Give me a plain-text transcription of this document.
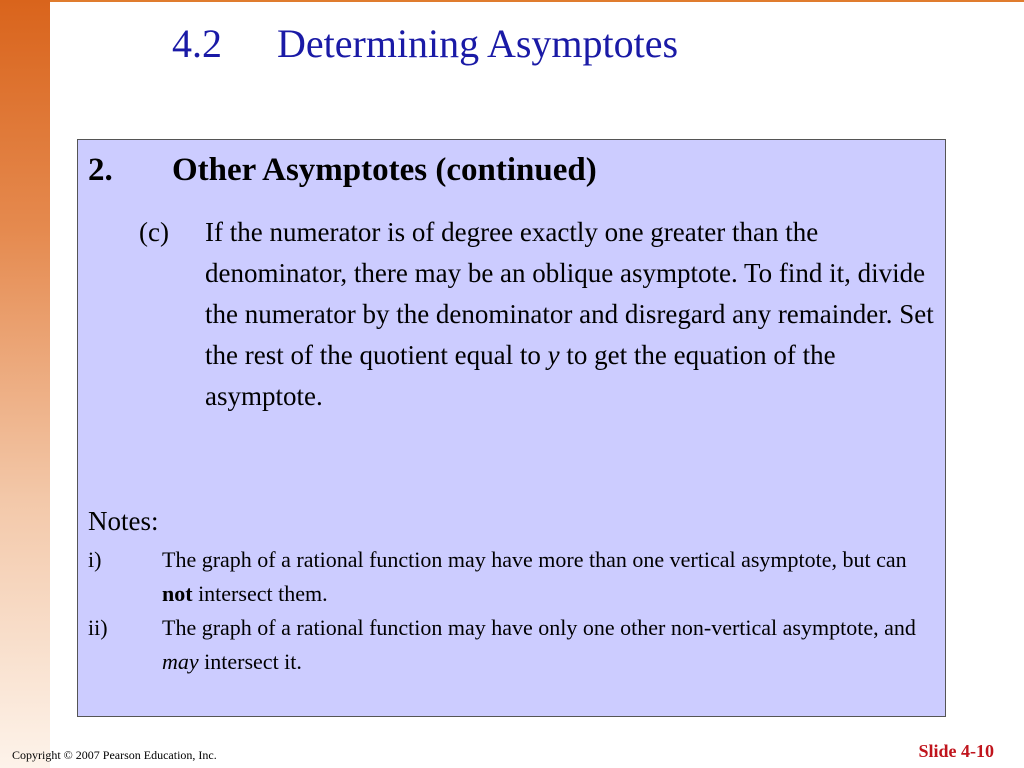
4.2 Determining Asymptotes
2. Other Asymptotes (continued)
(c) If the numerator is of degree exactly one greater than the denominator, there may be an oblique asymptote. To find it, divide the numerator by the denominator and disregard any remainder. Set the rest of the quotient equal to y to get the equation of the asymptote.
Notes:
i)	The graph of a rational function may have more than one vertical asymptote, but can not intersect them.
ii) The graph of a rational function may have only one other non-vertical asymptote, and may intersect it.
Copyright © 2007 Pearson Education, Inc.	Slide 4-10
